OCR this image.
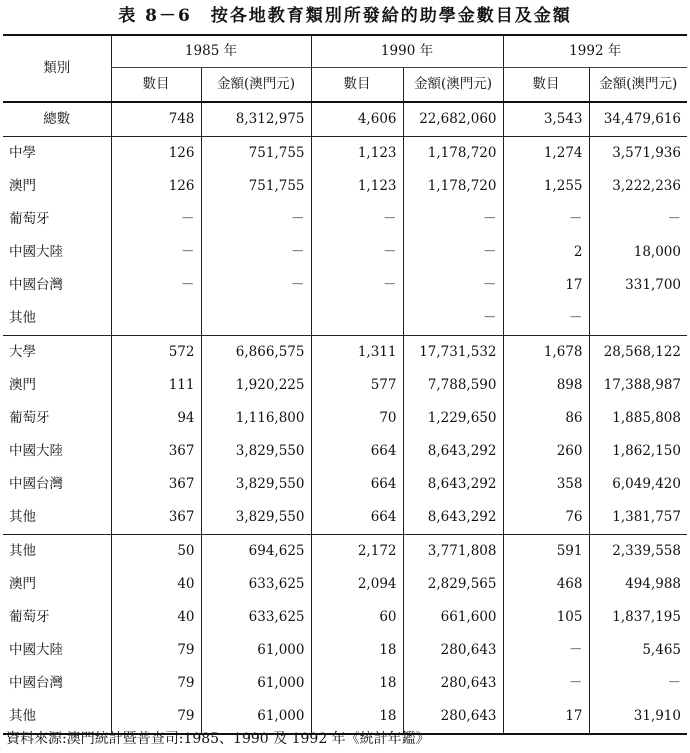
表 8－6　按各地教育類別所發給的助學金數目及金額
類別	1985 年		1990 年		1992 年	
	數目	金額(澳門元)	數目	金額(澳門元)	數目	金額(澳門元)
總數	748	8,312,975	4,606	22,682,060	3,543	34,479,616
中學	126	751,755	1,123	1,178,720	1,274	3,571,936
澳門	126	751,755	1,123	1,178,720	1,255	3,222,236
葡萄牙	－	－	－	－	－	－
中國大陸	－	－	－	－	2	18,000
中國台灣	－	－	－	－	17	331,700
其他				－	－	
大學	572	6,866,575	1,311	17,731,532	1,678	28,568,122
澳門	111	1,920,225	577	7,788,590	898	17,388,987
葡萄牙	94	1,116,800	70	1,229,650	86	1,885,808
中國大陸	367	3,829,550	664	8,643,292	260	1,862,150
中國台灣	367	3,829,550	664	8,643,292	358	6,049,420
其他	367	3,829,550	664	8,643,292	76	1,381,757
其他	50	694,625	2,172	3,771,808	591	2,339,558
澳門	40	633,625	2,094	2,829,565	468	494,988
葡萄牙	40	633,625	60	661,600	105	1,837,195
中國大陸	79	61,000	18	280,643	－	5,465
中國台灣	79	61,000	18	280,643	－	－
其他	79	61,000	18	280,643	17	31,910
資料來源:澳門統計暨普查司:1985、1990 及 1992 年《統計年鑑》
